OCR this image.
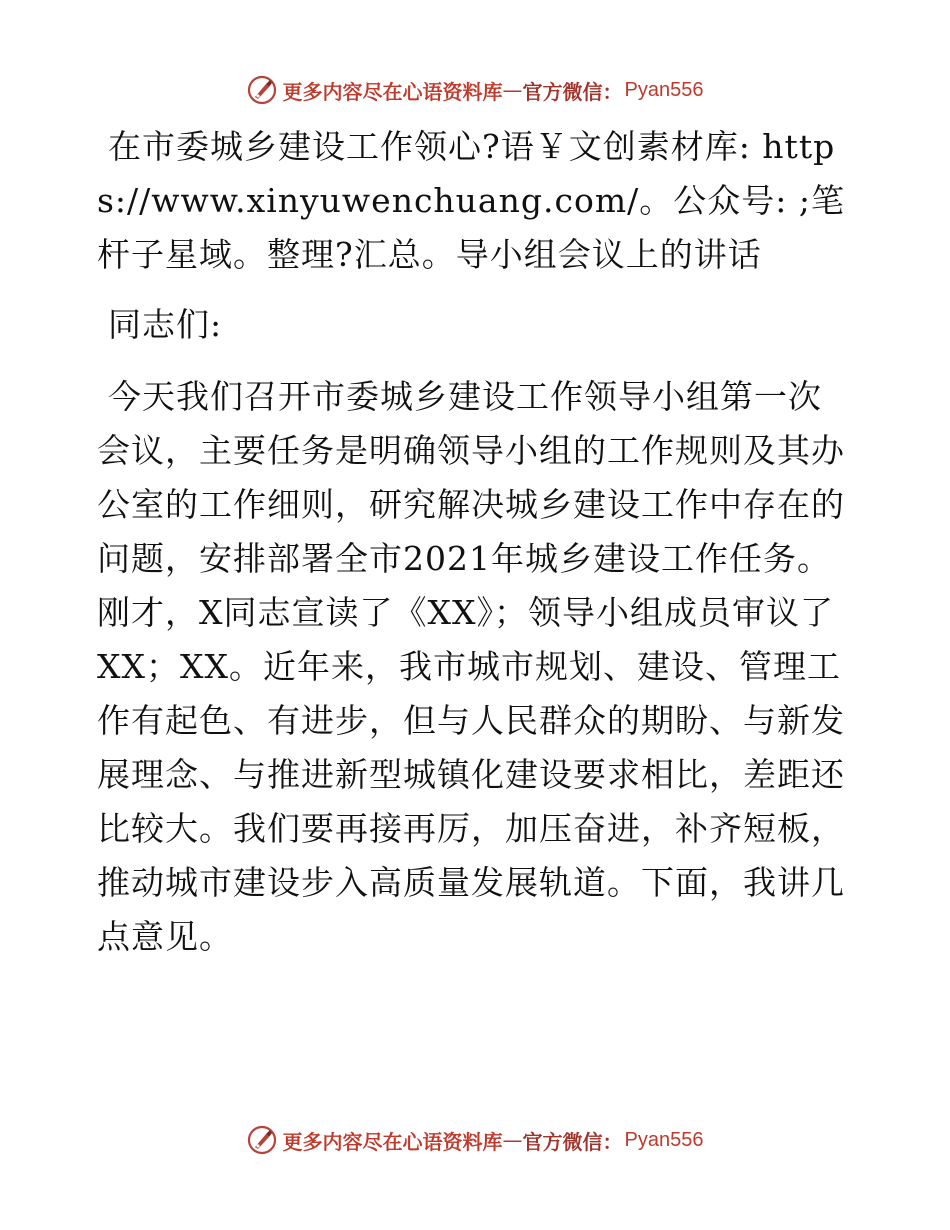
更多内容尽在心语资料库 — 官方微信： Pyan556

在市委城乡建设工作领心?语￥文创素材库: https://www.xinyuwenchuang.com/。公众号: ;笔杆子星域。整理?汇总。导小组会议上的讲话

同志们:

今天我们召开市委城乡建设工作领导小组第一次会议，主要任务是明确领导小组的工作规则及其办公室的工作细则，研究解决城乡建设工作中存在的问题，安排部署全市2021年城乡建设工作任务。刚才，X同志宣读了《XX》；领导小组成员审议了XX；XX。近年来，我市城市规划、建设、管理工作有起色、有进步，但与人民群众的期盼、与新发展理念、与推进新型城镇化建设要求相比，差距还比较大。我们要再接再厉，加压奋进，补齐短板，推动城市建设步入高质量发展轨道。下面，我讲几点意见。

更多内容尽在心语资料库 — 官方微信： Pyan556
